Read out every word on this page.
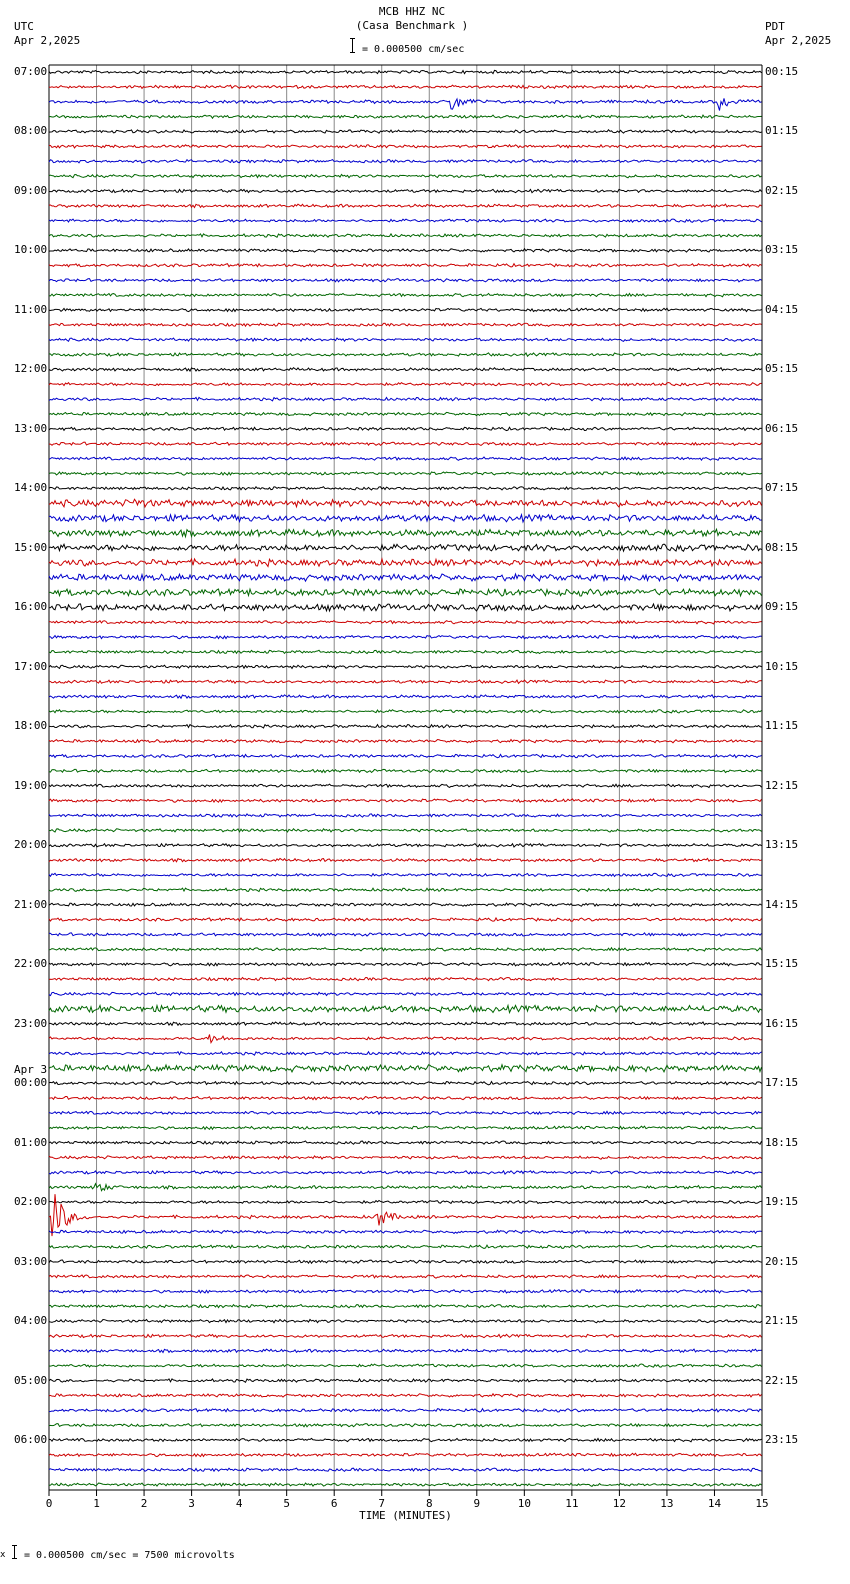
0	1	2	3	4	5	6	7	8	9	10	11	12	13	14	15
TIME (MINUTES)
MCB HHZ NC
(Casa Benchmark )
= 0.000500 cm/sec
UTC
Apr 2,2025
PDT
Apr 2,2025
07:00
08:00
09:00
10:00
11:00
12:00
13:00
14:00
15:00
16:00
17:00
18:00
19:00
20:00
21:00
22:00
23:00
00:00
Apr 3
01:00
02:00
03:00
04:00
05:00
06:00
00:15
01:15
02:15
03:15
04:15
05:15
06:15
07:15
08:15
09:15
10:15
11:15
12:15
13:15
14:15
15:15
16:15
17:15
18:15
19:15
20:15
21:15
22:15
23:15
x = 0.000500 cm/sec = 7500 microvolts
